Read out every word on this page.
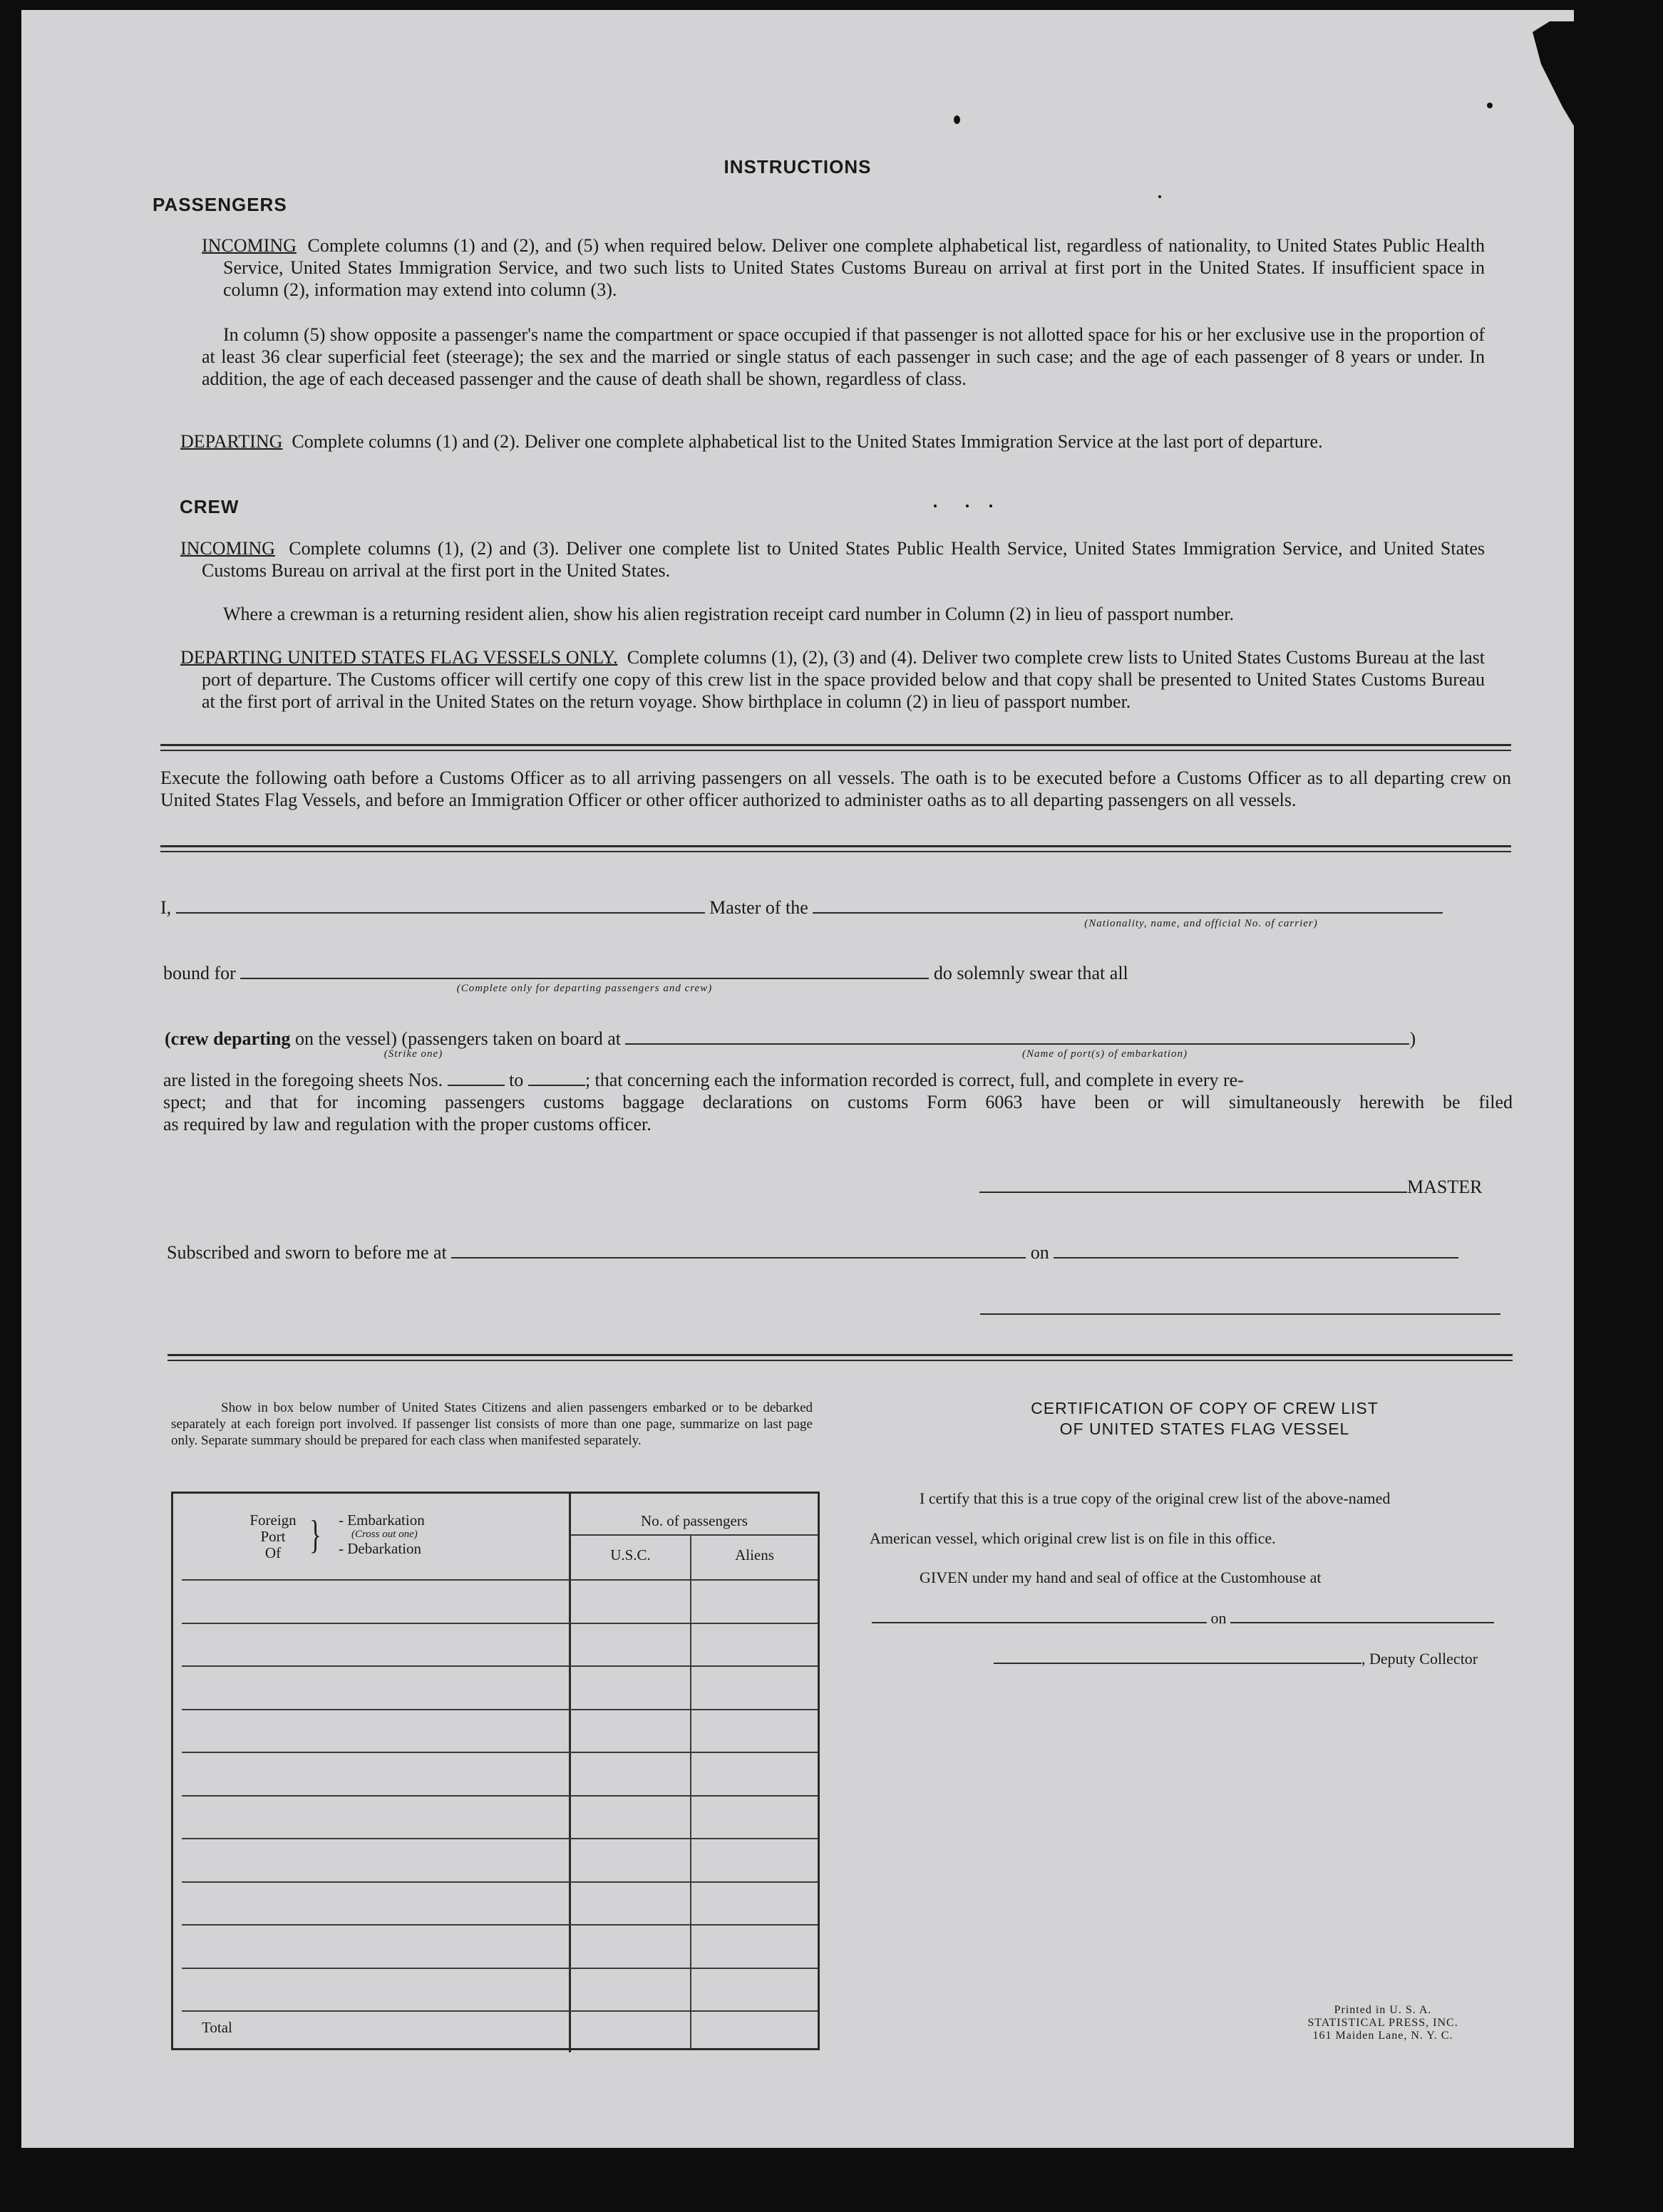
INSTRUCTIONS
PASSENGERS
INCOMING Complete columns (1) and (2), and (5) when required below. Deliver one complete alphabetical list, regardless of nationality, to United States Public Health Service, United States Immigration Service, and two such lists to United States Customs Bureau on arrival at first port in the United States. If insufficient space in column (2), information may extend into column (3).
In column (5) show opposite a passenger's name the compartment or space occupied if that passenger is not allotted space for his or her exclusive use in the proportion of at least 36 clear superficial feet (steerage); the sex and the married or single status of each passenger in such case; and the age of each passenger of 8 years or under. In addition, the age of each deceased passenger and the cause of death shall be shown, regardless of class.
DEPARTING Complete columns (1) and (2). Deliver one complete alphabetical list to the United States Immigration Service at the last port of departure.
CREW
INCOMING Complete columns (1), (2) and (3). Deliver one complete list to United States Public Health Service, United States Immigration Service, and United States Customs Bureau on arrival at the first port in the United States.
Where a crewman is a returning resident alien, show his alien registration receipt card number in Column (2) in lieu of passport number.
DEPARTING UNITED STATES FLAG VESSELS ONLY. Complete columns (1), (2), (3) and (4). Deliver two complete crew lists to United States Customs Bureau at the last port of departure. The Customs officer will certify one copy of this crew list in the space provided below and that copy shall be presented to United States Customs Bureau at the first port of arrival in the United States on the return voyage. Show birthplace in column (2) in lieu of passport number.
Execute the following oath before a Customs Officer as to all arriving passengers on all vessels. The oath is to be executed before a Customs Officer as to all departing crew on United States Flag Vessels, and before an Immigration Officer or other officer authorized to administer oaths as to all departing passengers on all vessels.
I,	Master of the
(Nationality, name, and official No. of carrier)
bound for	do solemnly swear that all
(Complete only for departing passengers and crew)
(crew departing on the vessel) (passengers taken on board at	)
(Strike one)	(Name of port(s) of embarkation)
are listed in the foregoing sheets Nos.	to	; that concerning each the information recorded is correct, full, and complete in every re-
spect; and that for incoming passengers customs baggage declarations on customs Form 6063 have been or will simultaneously herewith be filed
as required by law and regulation with the proper customs officer.
MASTER
Subscribed and sworn to before me at	on
Show in box below number of United States Citizens and alien passengers embarked or to be debarked separately at each foreign port involved. If passenger list consists of more than one page, summarize on last page only. Separate summary should be prepared for each class when manifested separately.
Foreign
Port
Of } - Embarkation
(Cross out one)
- Debarkation
No. of passengers
U.S.C.	Aliens
Total
CERTIFICATION OF COPY OF CREW LIST
OF UNITED STATES FLAG VESSEL
I certify that this is a true copy of the original crew list of the above-named
American vessel, which original crew list is on file in this office.
GIVEN under my hand and seal of office at the Customhouse at
on
, Deputy Collector
Printed in U. S. A.
STATISTICAL PRESS, INC.
161 Maiden Lane, N. Y. C.
